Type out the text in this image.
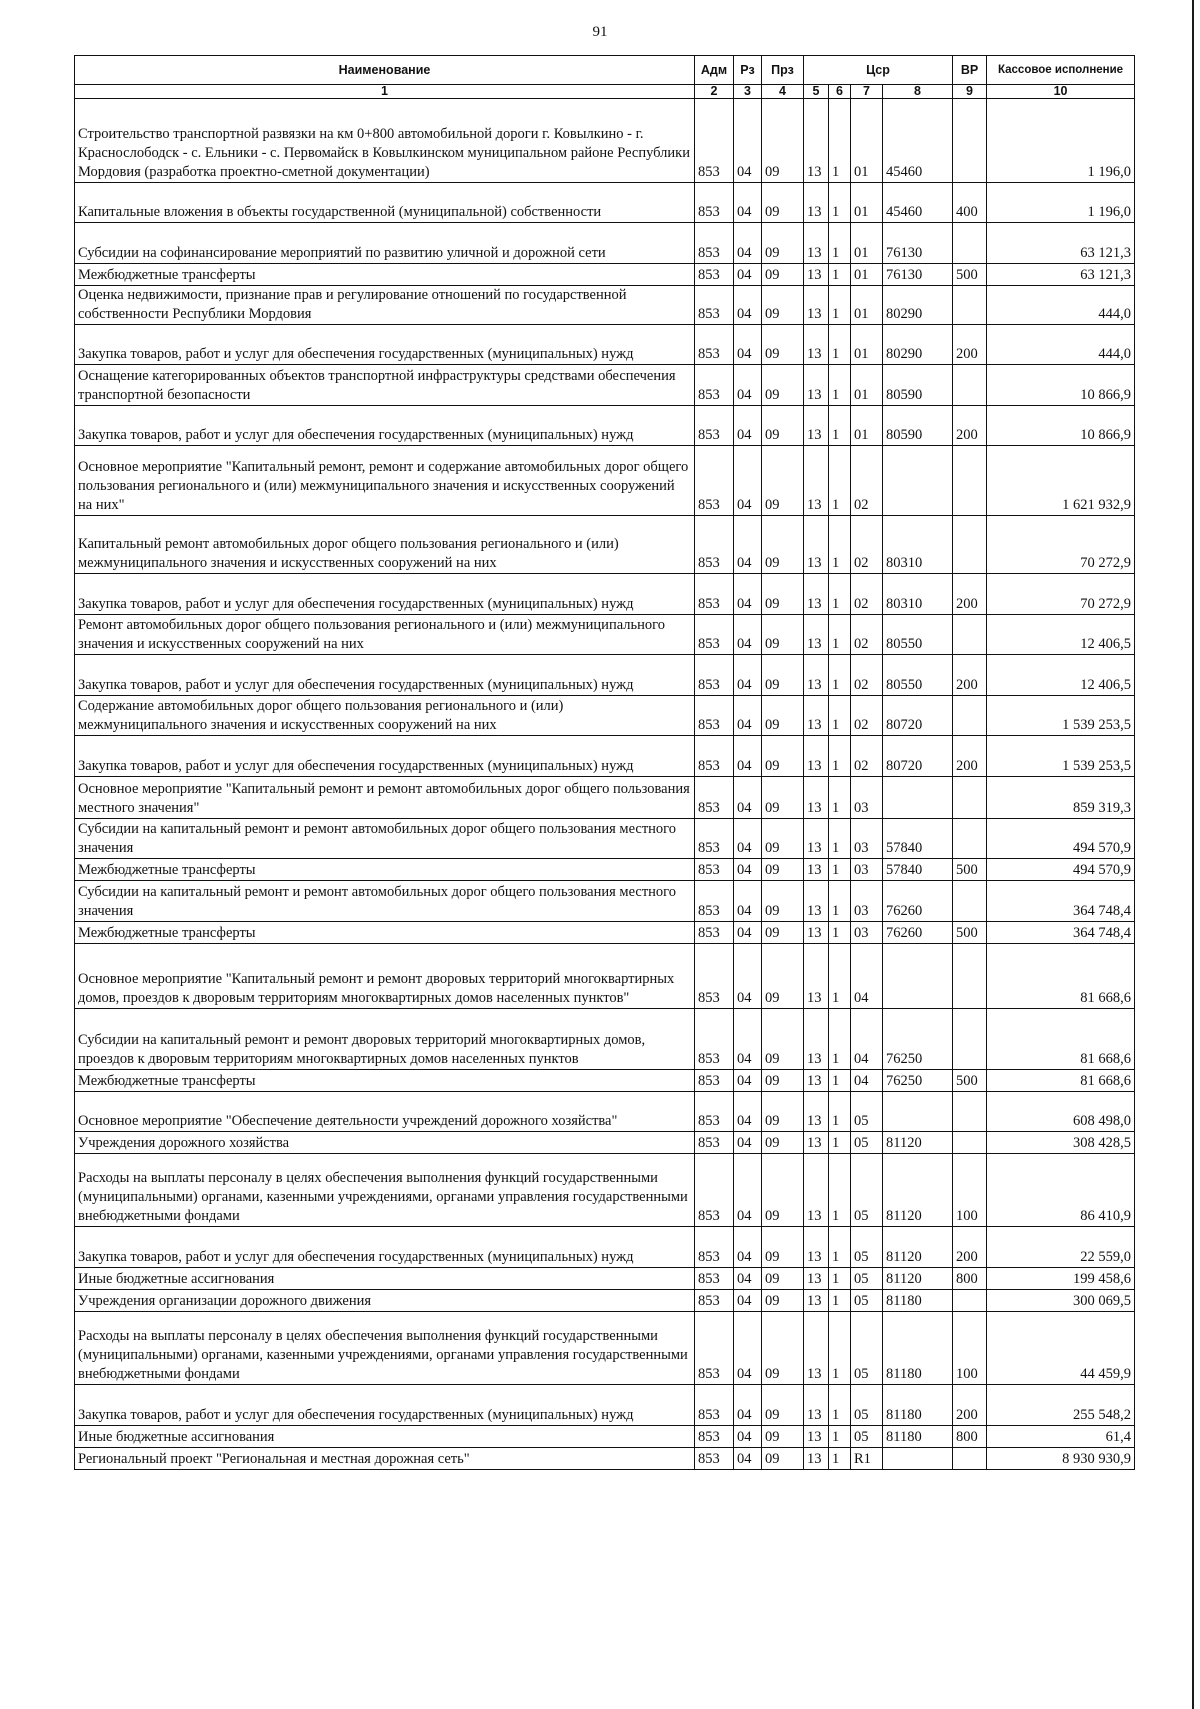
91
Наименование	Адм	Рз	Прз	Цср				ВР	Кассовое исполнение
1	2	3	4	5	6	7	8	9	10
Строительство транспортной развязки на км 0+800 автомобильной дороги г. Ковылкино - г. Краснослободск - с. Ельники - с. Первомайск в Ковылкинском муниципальном районе Республики Мордовия (разработка проектно-сметной документации)	853	04	09	13	1	01	45460		1 196,0
Капитальные вложения в объекты государственной (муниципальной) собственности	853	04	09	13	1	01	45460	400	1 196,0
Субсидии на софинансирование мероприятий по развитию уличной и дорожной сети	853	04	09	13	1	01	76130		63 121,3
Межбюджетные трансферты	853	04	09	13	1	01	76130	500	63 121,3
Оценка недвижимости, признание прав и регулирование отношений по государственной собственности Республики Мордовия	853	04	09	13	1	01	80290		444,0
Закупка товаров, работ и услуг для обеспечения государственных (муниципальных) нужд	853	04	09	13	1	01	80290	200	444,0
Оснащение категорированных объектов транспортной инфраструктуры средствами обеспечения транспортной безопасности	853	04	09	13	1	01	80590		10 866,9
Закупка товаров, работ и услуг для обеспечения государственных (муниципальных) нужд	853	04	09	13	1	01	80590	200	10 866,9
Основное мероприятие "Капитальный ремонт, ремонт и содержание автомобильных дорог общего пользования регионального и (или) межмуниципального значения и искусственных сооружений на них"	853	04	09	13	1	02			1 621 932,9
Капитальный ремонт автомобильных дорог общего пользования регионального и (или) межмуниципального значения и искусственных сооружений на них	853	04	09	13	1	02	80310		70 272,9
Закупка товаров, работ и услуг для обеспечения государственных (муниципальных) нужд	853	04	09	13	1	02	80310	200	70 272,9
Ремонт автомобильных дорог общего пользования регионального и (или) межмуниципального значения и искусственных сооружений на них	853	04	09	13	1	02	80550		12 406,5
Закупка товаров, работ и услуг для обеспечения государственных (муниципальных) нужд	853	04	09	13	1	02	80550	200	12 406,5
Содержание автомобильных дорог общего пользования регионального и (или) межмуниципального значения и искусственных сооружений на них	853	04	09	13	1	02	80720		1 539 253,5
Закупка товаров, работ и услуг для обеспечения государственных (муниципальных) нужд	853	04	09	13	1	02	80720	200	1 539 253,5
Основное мероприятие "Капитальный ремонт и ремонт автомобильных дорог общего пользования местного значения"	853	04	09	13	1	03			859 319,3
Субсидии на капитальный ремонт и ремонт автомобильных дорог общего пользования местного значения	853	04	09	13	1	03	57840		494 570,9
Межбюджетные трансферты	853	04	09	13	1	03	57840	500	494 570,9
Субсидии на капитальный ремонт и ремонт автомобильных дорог общего пользования местного значения	853	04	09	13	1	03	76260		364 748,4
Межбюджетные трансферты	853	04	09	13	1	03	76260	500	364 748,4
Основное мероприятие "Капитальный ремонт и ремонт дворовых территорий многоквартирных домов, проездов к дворовым территориям многоквартирных домов населенных пунктов"	853	04	09	13	1	04			81 668,6
Субсидии на капитальный ремонт и ремонт дворовых территорий многоквартирных домов, проездов к дворовым территориям многоквартирных домов населенных пунктов	853	04	09	13	1	04	76250		81 668,6
Межбюджетные трансферты	853	04	09	13	1	04	76250	500	81 668,6
Основное мероприятие "Обеспечение деятельности учреждений дорожного хозяйства"	853	04	09	13	1	05			608 498,0
Учреждения дорожного хозяйства	853	04	09	13	1	05	81120		308 428,5
Расходы на выплаты персоналу в целях обеспечения выполнения функций государственными (муниципальными) органами, казенными учреждениями, органами управления государственными внебюджетными фондами	853	04	09	13	1	05	81120	100	86 410,9
Закупка товаров, работ и услуг для обеспечения государственных (муниципальных) нужд	853	04	09	13	1	05	81120	200	22 559,0
Иные бюджетные ассигнования	853	04	09	13	1	05	81120	800	199 458,6
Учреждения организации дорожного движения	853	04	09	13	1	05	81180		300 069,5
Расходы на выплаты персоналу в целях обеспечения выполнения функций государственными (муниципальными) органами, казенными учреждениями, органами управления государственными внебюджетными фондами	853	04	09	13	1	05	81180	100	44 459,9
Закупка товаров, работ и услуг для обеспечения государственных (муниципальных) нужд	853	04	09	13	1	05	81180	200	255 548,2
Иные бюджетные ассигнования	853	04	09	13	1	05	81180	800	61,4
Региональный проект "Региональная и местная дорожная сеть"	853	04	09	13	1	R1			8 930 930,9
